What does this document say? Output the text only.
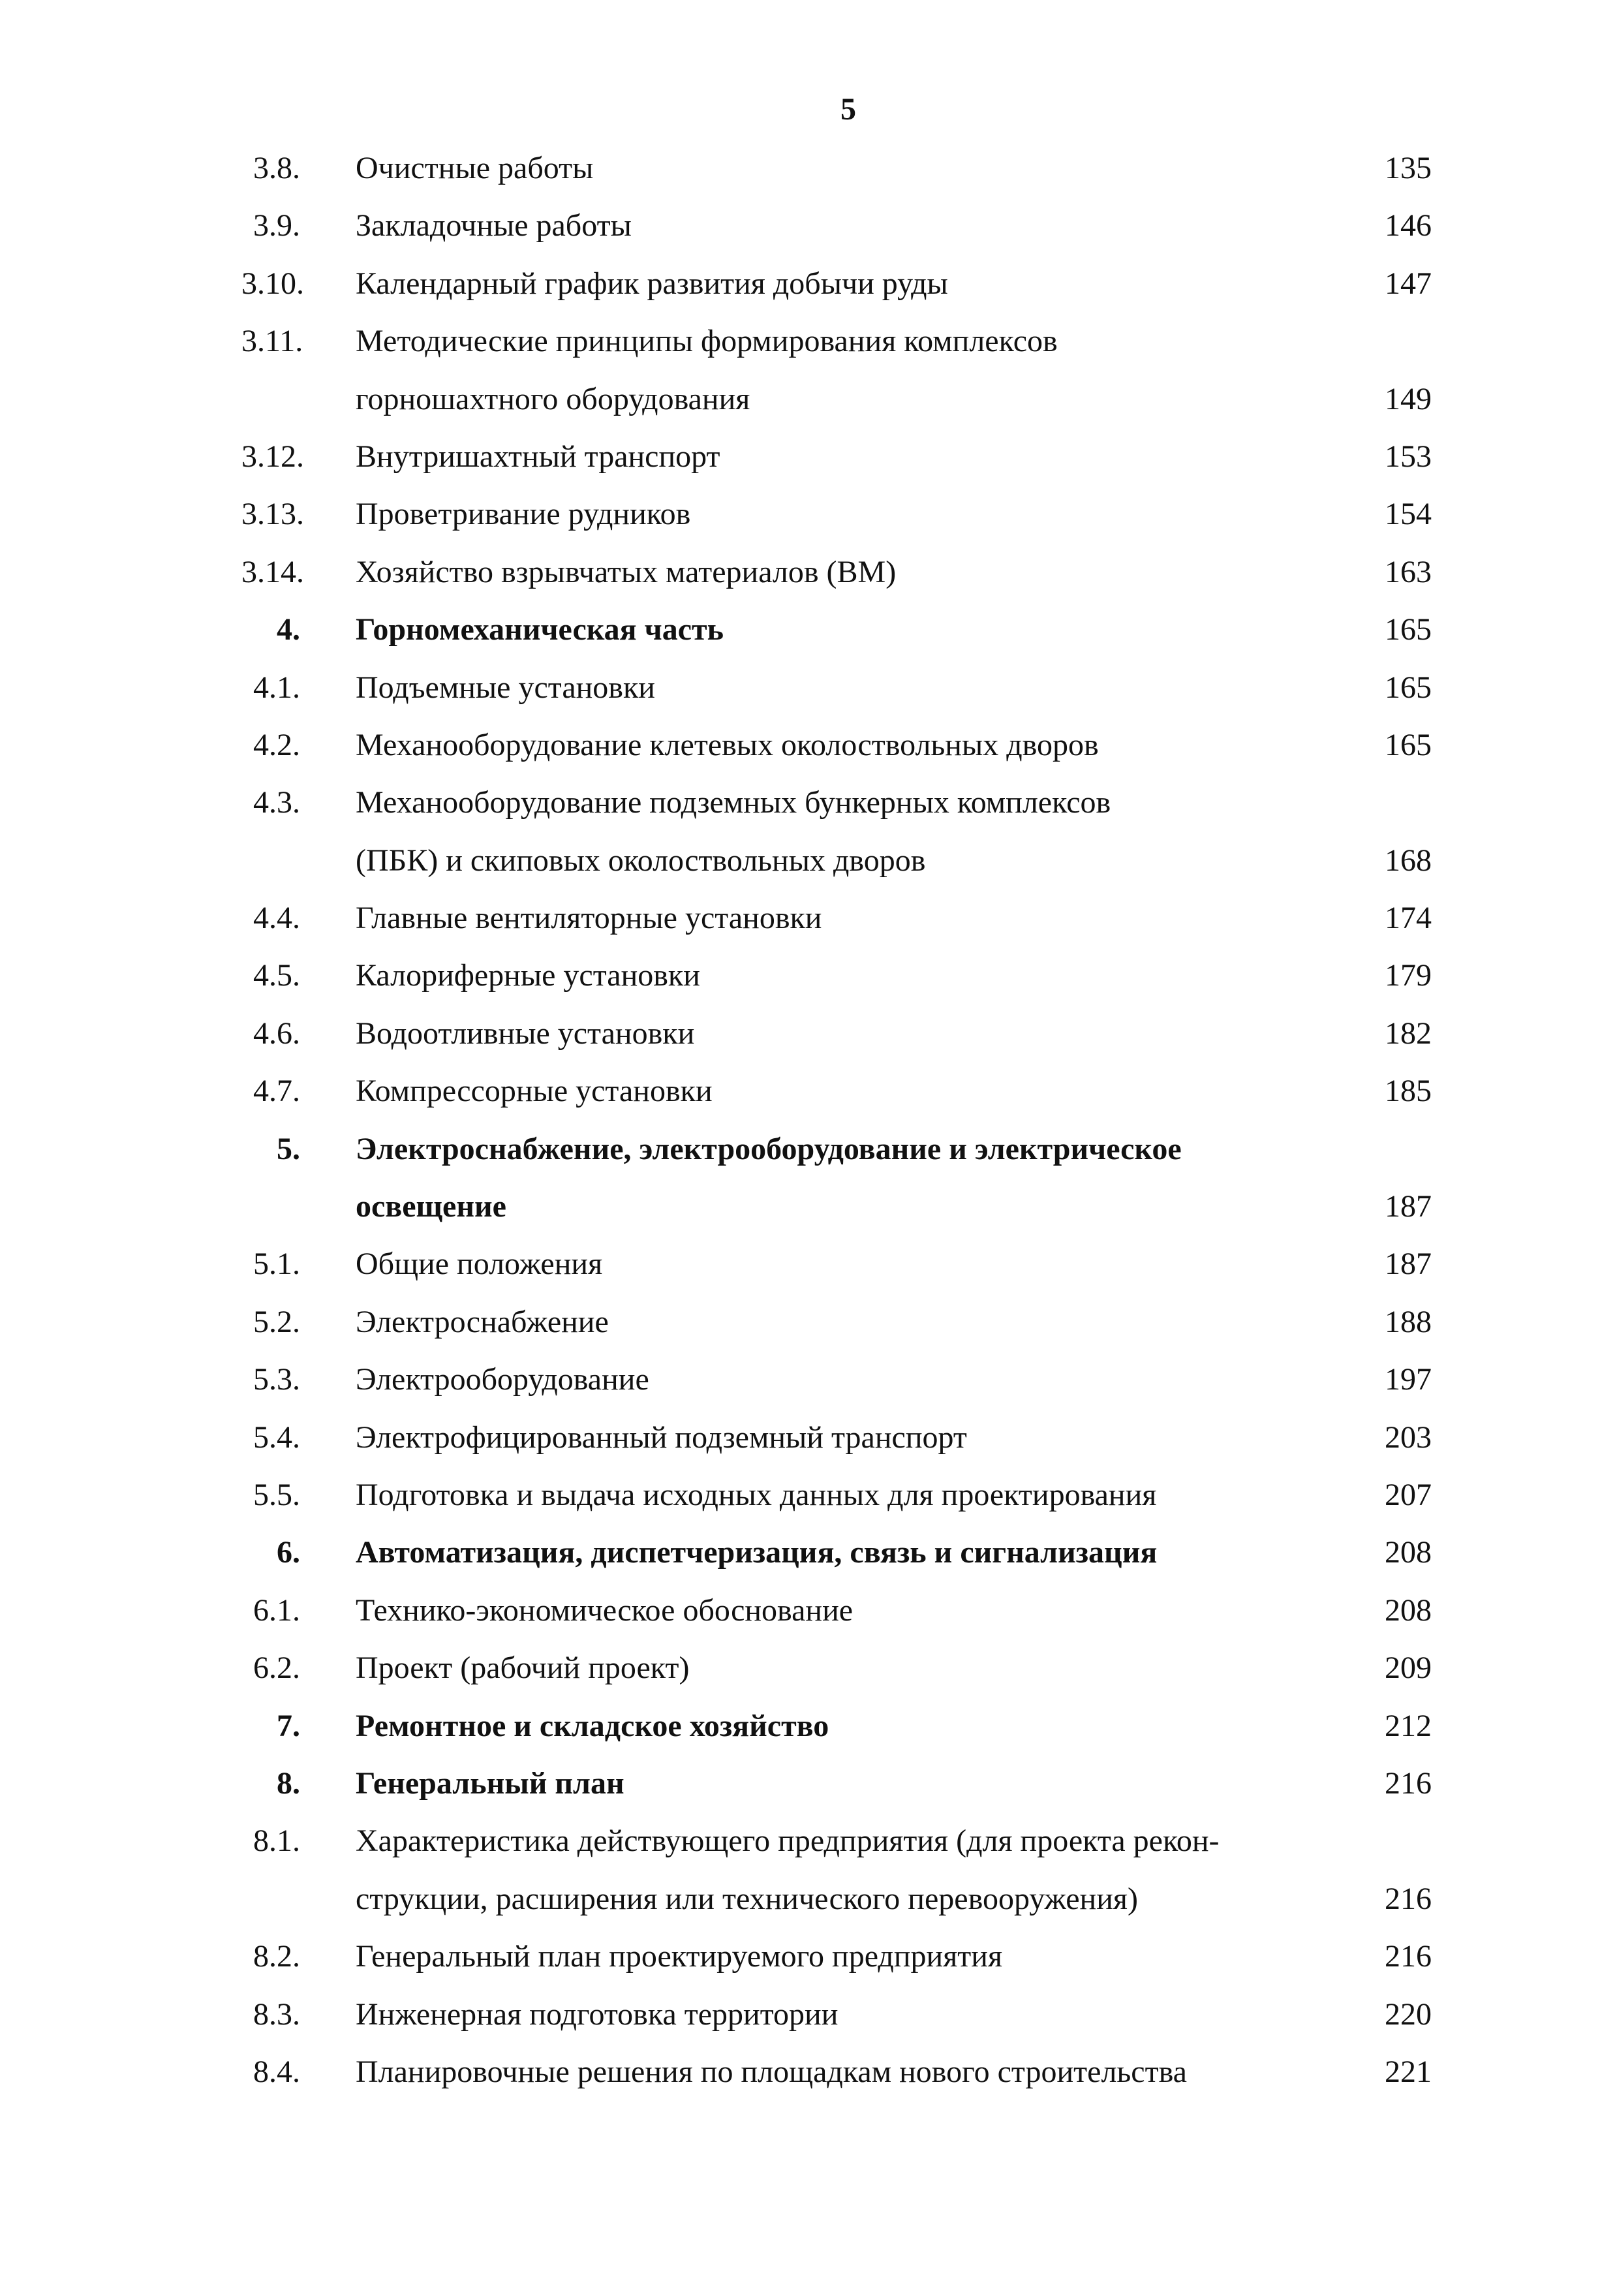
5
3.8. Очистные работы	135
3.9. Закладочные работы	146
3.10. Календарный график развития добычи руды	147
3.11. Методические принципы формирования комплексов
горношахтного оборудования	149
3.12. Внутришахтный транспорт	153
3.13. Проветривание рудников	154
3.14. Хозяйство взрывчатых материалов (ВМ)	163
4. Горномеханическая часть	165
4.1. Подъемные установки	165
4.2. Механооборудование клетевых околоствольных дворов	165
4.3. Механооборудование подземных бункерных комплексов
(ПБК) и скиповых околоствольных дворов	168
4.4. Главные вентиляторные установки	174
4.5. Калориферные установки	179
4.6. Водоотливные установки	182
4.7. Компрессорные установки	185
5. Электроснабжение, электрооборудование и электрическое
освещение	187
5.1. Общие положения	187
5.2. Электроснабжение	188
5.3. Электрооборудование	197
5.4. Электрофицированный подземный транспорт	203
5.5. Подготовка и выдача исходных данных для проектирования	207
6. Автоматизация, диспетчеризация, связь и сигнализация	208
6.1. Технико-экономическое обоснование	208
6.2. Проект (рабочий проект)	209
7. Ремонтное и складское хозяйство	212
8. Генеральный план	216
8.1. Характеристика действующего предприятия (для проекта рекон-
струкции, расширения или технического перевооружения)	216
8.2. Генеральный план проектируемого предприятия	216
8.3. Инженерная подготовка территории	220
8.4. Планировочные решения по площадкам нового строительства	221
